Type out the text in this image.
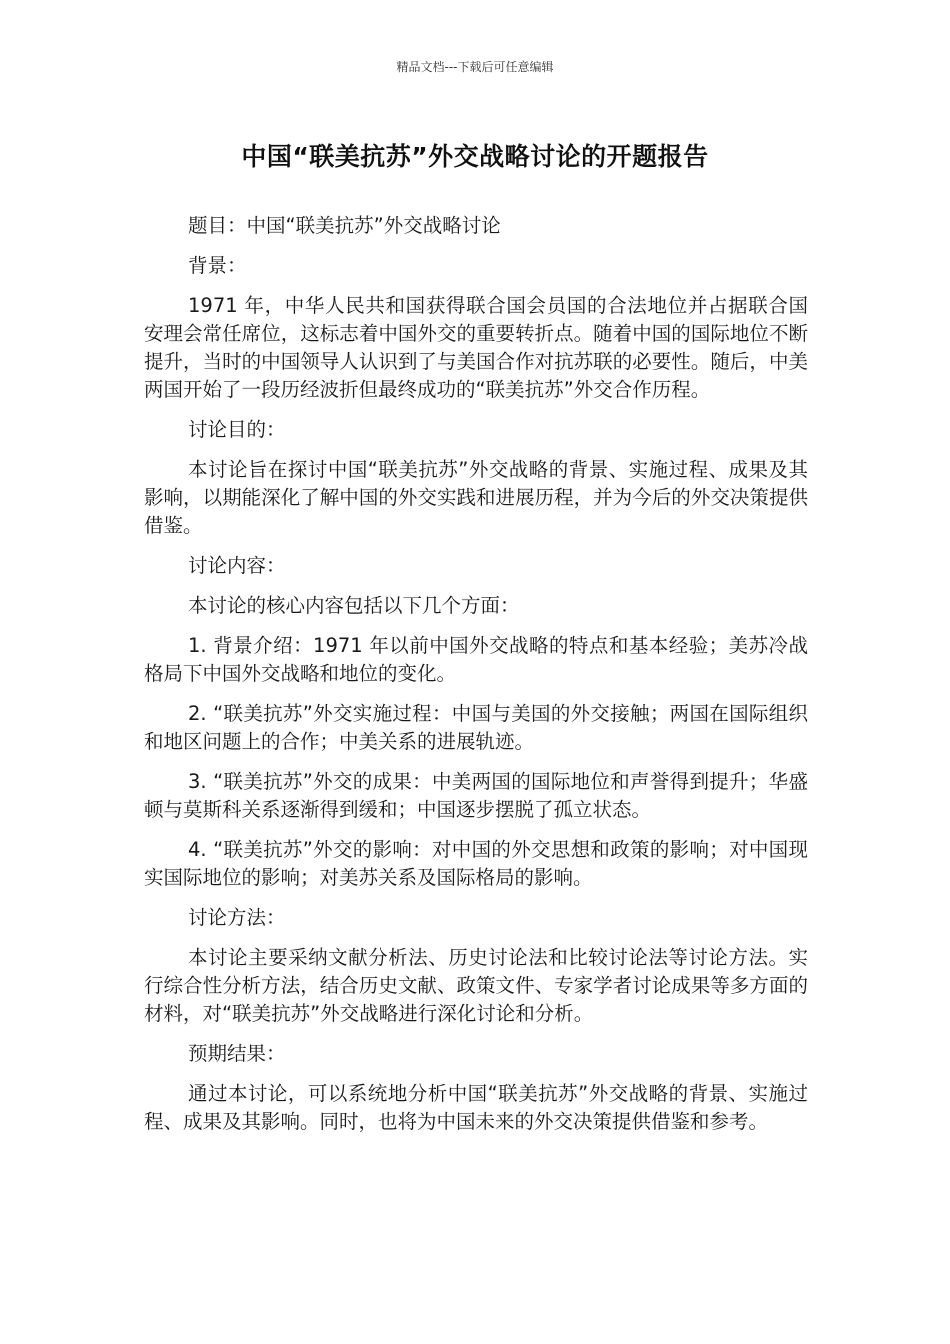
精品文档---下载后可任意编辑
中国“联美抗苏”外交战略讨论的开题报告

题目：中国“联美抗苏”外交战略讨论

背景：

1971 年，中华人民共和国获得联合国会员国的合法地位并占据联合国安理会常任席位，这标志着中国外交的重要转折点。随着中国的国际地位不断提升，当时的中国领导人认识到了与美国合作对抗苏联的必要性。随后，中美两国开始了一段历经波折但最终成功的“联美抗苏”外交合作历程。

讨论目的：

本讨论旨在探讨中国“联美抗苏”外交战略的背景、实施过程、成果及其影响，以期能深化了解中国的外交实践和进展历程，并为今后的外交决策提供借鉴。

讨论内容：

本讨论的核心内容包括以下几个方面：

1. 背景介绍：1971 年以前中国外交战略的特点和基本经验；美苏冷战格局下中国外交战略和地位的变化。

2. “联美抗苏”外交实施过程：中国与美国的外交接触；两国在国际组织和地区问题上的合作；中美关系的进展轨迹。

3. “联美抗苏”外交的成果：中美两国的国际地位和声誉得到提升；华盛顿与莫斯科关系逐渐得到缓和；中国逐步摆脱了孤立状态。

4. “联美抗苏”外交的影响：对中国的外交思想和政策的影响；对中国现实国际地位的影响；对美苏关系及国际格局的影响。

讨论方法：

本讨论主要采纳文献分析法、历史讨论法和比较讨论法等讨论方法。实行综合性分析方法，结合历史文献、政策文件、专家学者讨论成果等多方面的材料，对“联美抗苏”外交战略进行深化讨论和分析。

预期结果：

通过本讨论，可以系统地分析中国“联美抗苏”外交战略的背景、实施过程、成果及其影响。同时，也将为中国未来的外交决策提供借鉴和参考。
